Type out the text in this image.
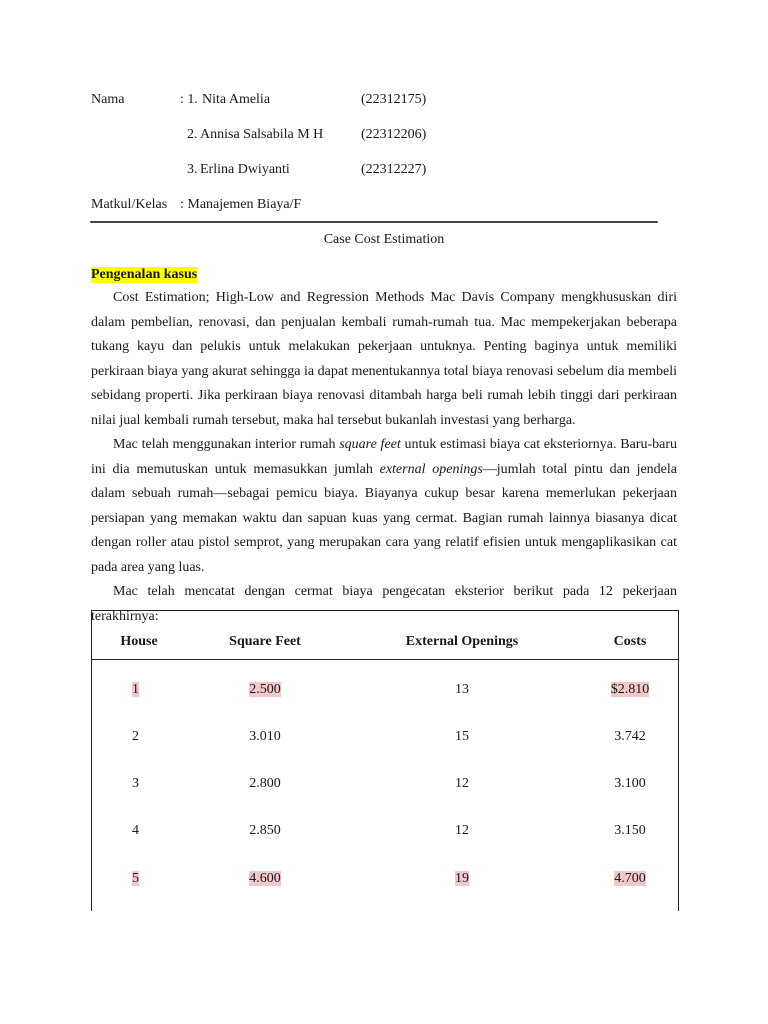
Nama	: 1. Nita Amelia	(22312175)
2. Annisa Salsabila M H	(22312206)
3. Erlina Dwiyanti	(22312227)
Matkul/Kelas : Manajemen Biaya/F
Case Cost Estimation
Pengenalan kasus

Cost Estimation; High-Low and Regression Methods Mac Davis Company mengkhususkan diri dalam pembelian, renovasi, dan penjualan kembali rumah-rumah tua. Mac mempekerjakan beberapa tukang kayu dan pelukis untuk melakukan pekerjaan untuknya. Penting baginya untuk memiliki perkiraan biaya yang akurat sehingga ia dapat menentukannya total biaya renovasi sebelum dia membeli sebidang properti. Jika perkiraan biaya renovasi ditambah harga beli rumah lebih tinggi dari perkiraan nilai jual kembali rumah tersebut, maka hal tersebut bukanlah investasi yang berharga.

Mac telah menggunakan interior rumah square feet untuk estimasi biaya cat eksteriornya. Baru-baru ini dia memutuskan untuk memasukkan jumlah external openings—jumlah total pintu dan jendela dalam sebuah rumah—sebagai pemicu biaya. Biayanya cukup besar karena memerlukan pekerjaan persiapan yang memakan waktu dan sapuan kuas yang cermat. Bagian rumah lainnya biasanya dicat dengan roller atau pistol semprot, yang merupakan cara yang relatif efisien untuk mengaplikasikan cat pada area yang luas.

Mac telah mencatat dengan cermat biaya pengecatan eksterior berikut pada 12 pekerjaan terakhirnya:

House	Square Feet	External Openings	Costs
1	2.500	13	$2.810
2	3.010	15	3.742
3	2.800	12	3.100
4	2.850	12	3.150
5	4.600	19	4.700
